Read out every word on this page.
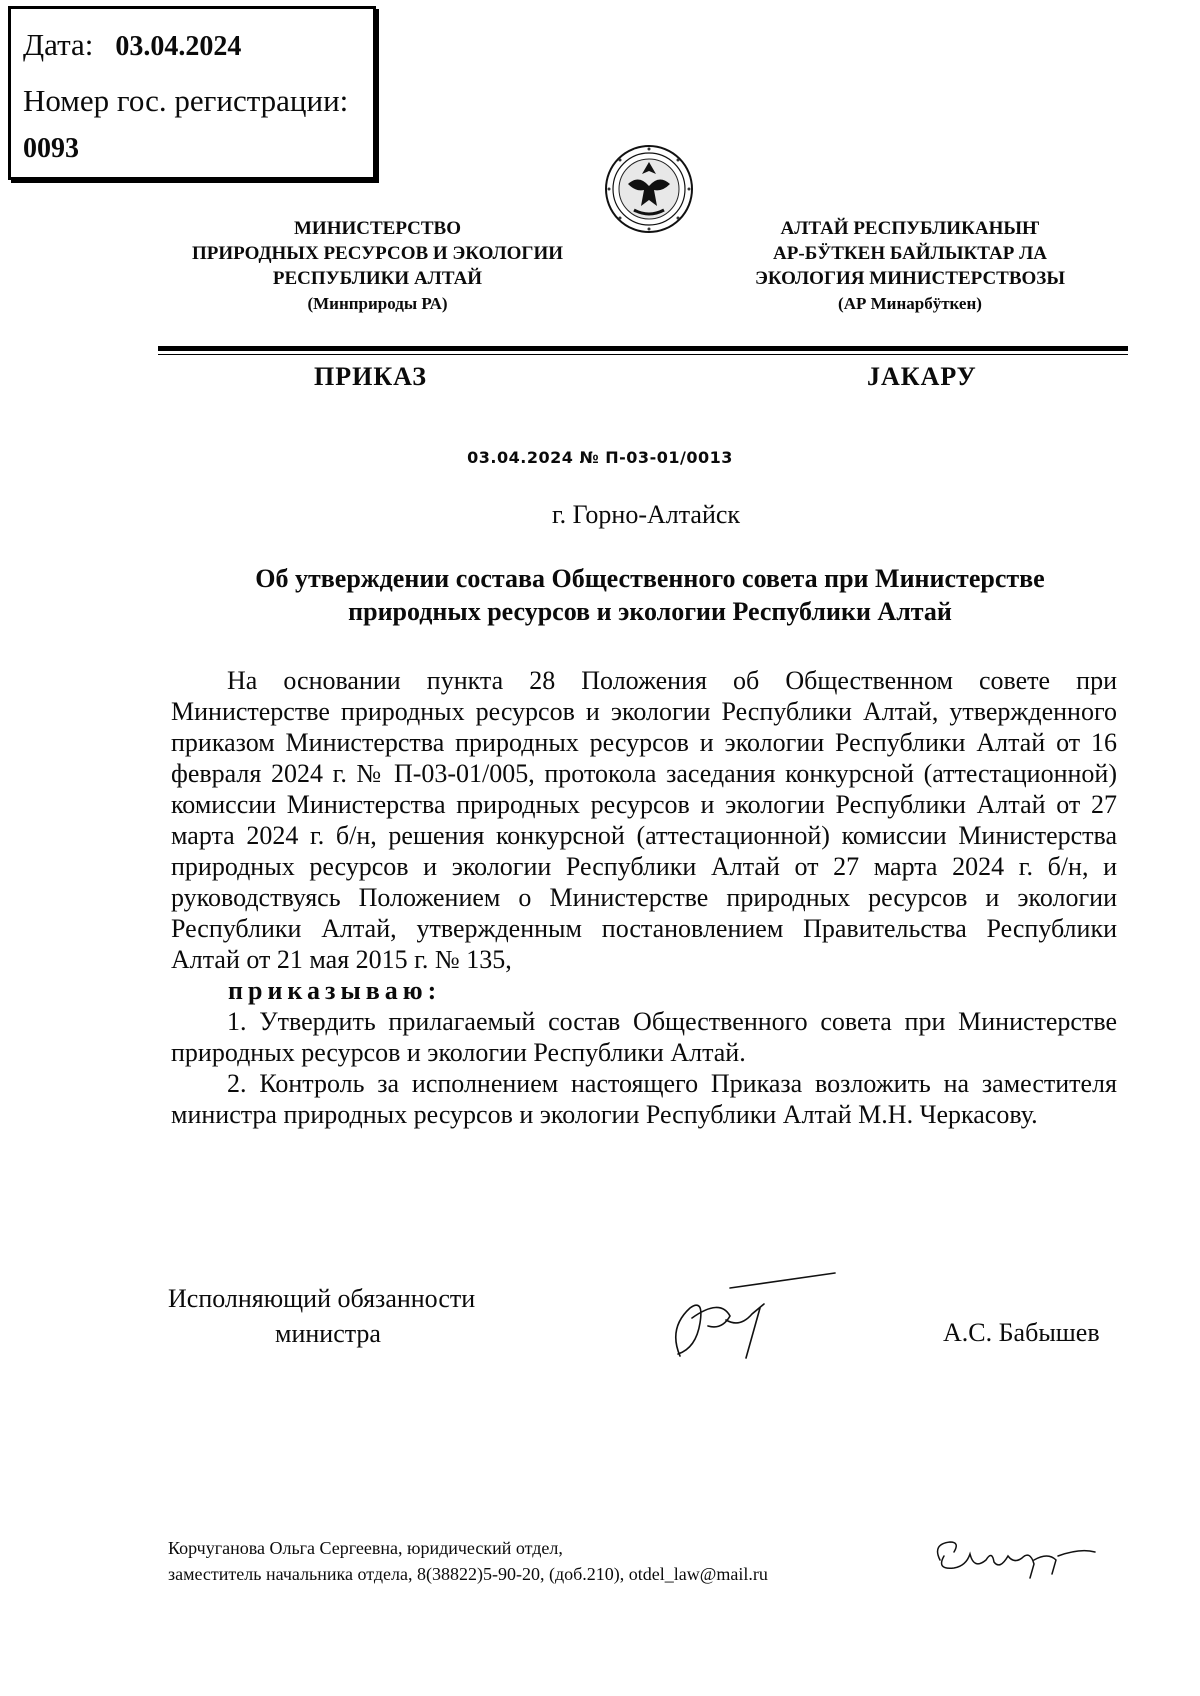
Дата: 03.04.2024
Номер гос. регистрации:
0093
МИНИСТЕРСТВО
ПРИРОДНЫХ РЕСУРСОВ И ЭКОЛОГИИ
РЕСПУБЛИКИ АЛТАЙ
(Минприроды РА)
АЛТАЙ РЕСПУБЛИКАНЫҤ
АР-БӰТКЕН БАЙЛЫКТАР ЛА
ЭКОЛОГИЯ МИНИСТЕРСТВОЗЫ
(АР Минарбӱткен)
ПРИКАЗ	JАКАРУ
03.04.2024 № П-03-01/0013
г. Горно-Алтайск
Об утверждении состава Общественного совета при Министерстве природных ресурсов и экологии Республики Алтай

На основании пункта 28 Положения об Общественном совете при Министерстве природных ресурсов и экологии Республики Алтай, утвержденного приказом Министерства природных ресурсов и экологии Республики Алтай от 16 февраля 2024 г. № П-03-01/005, протокола заседания конкурсной (аттестационной) комиссии Министерства природных ресурсов и экологии Республики Алтай от 27 марта 2024 г. б/н, решения конкурсной (аттестационной) комиссии Министерства природных ресурсов и экологии Республики Алтай от 27 марта 2024 г. б/н, и руководствуясь Положением о Министерстве природных ресурсов и экологии Республики Алтай, утвержденным постановлением Правительства Республики Алтай от 21 мая 2015 г. № 135,

приказываю:

1. Утвердить прилагаемый состав Общественного совета при Министерстве природных ресурсов и экологии Республики Алтай.

2. Контроль за исполнением настоящего Приказа возложить на заместителя министра природных ресурсов и экологии Республики Алтай М.Н. Черкасову.

Исполняющий обязанности
министра	А.С. Бабышев
Корчуганова Ольга Сергеевна, юридический отдел,
заместитель начальника отдела, 8(38822)5-90-20, (доб.210), otdel_law@mail.ru
